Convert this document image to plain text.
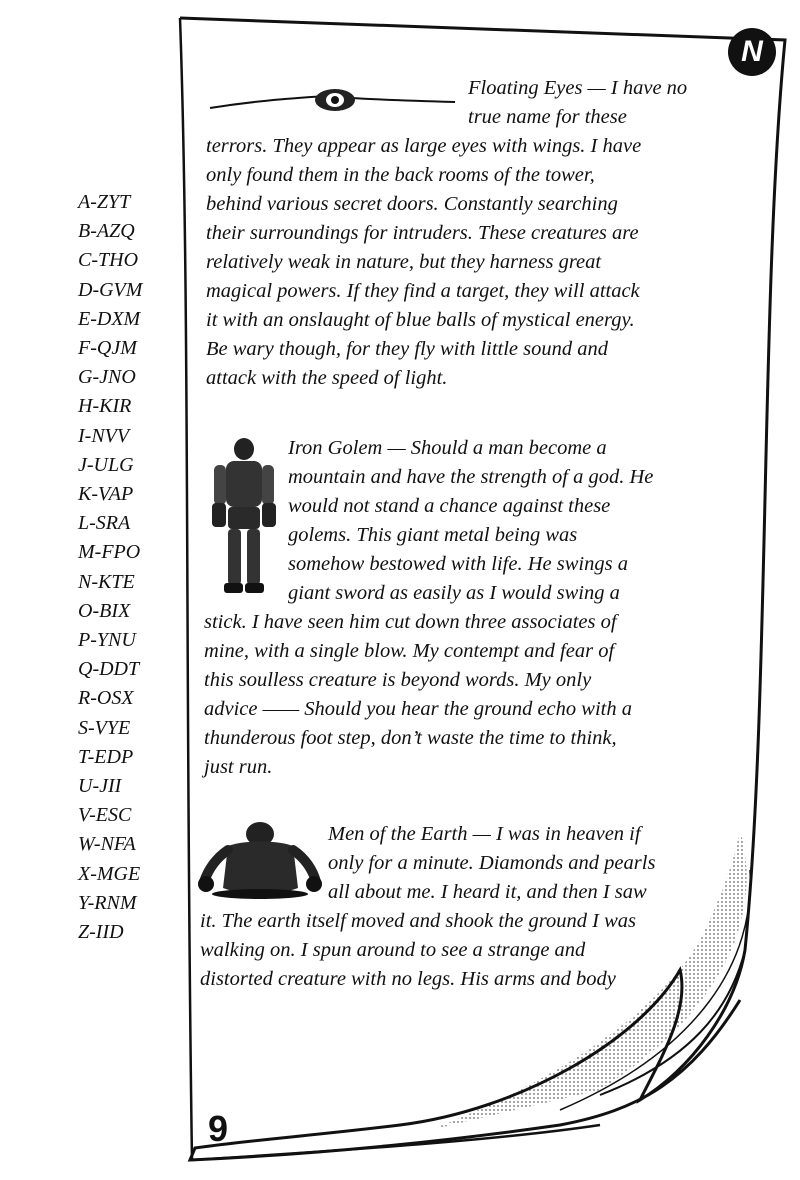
A-ZYT
B-AZQ
C-THO
D-GVM
E-DXM
F-QJM
G-JNO
H-KIR
I-NVV
J-ULG
K-VAP
L-SRA
M-FPO
N-KTE
O-BIX
P-YNU
Q-DDT
R-OSX
S-VYE
T-EDP
U-JII
V-ESC
W-NFA
X-MGE
Y-RNM
Z-IID
N
Floating Eyes — I have no
true name for these
terrors. They appear as large eyes with wings. I have
only found them in the back rooms of the tower,
behind various secret doors. Constantly searching
their surroundings for intruders. These creatures are
relatively weak in nature, but they harness great
magical powers. If they find a target, they will attack
it with an onslaught of blue balls of mystical energy.
Be wary though, for they fly with little sound and
attack with the speed of light.
Iron Golem — Should a man become a
mountain and have the strength of a god. He
would not stand a chance against these
golems. This giant metal being was
somehow bestowed with life. He swings a
giant sword as easily as I would swing a
stick. I have seen him cut down three associates of
mine, with a single blow. My contempt and fear of
this soulless creature is beyond words. My only
advice —— Should you hear the ground echo with a
thunderous foot step, don’t waste the time to think,
just run.
Men of the Earth — I was in heaven if
only for a minute. Diamonds and pearls
all about me. I heard it, and then I saw
it. The earth itself moved and shook the ground I was
walking on. I spun around to see a strange and
distorted creature with no legs. His arms and body
9
